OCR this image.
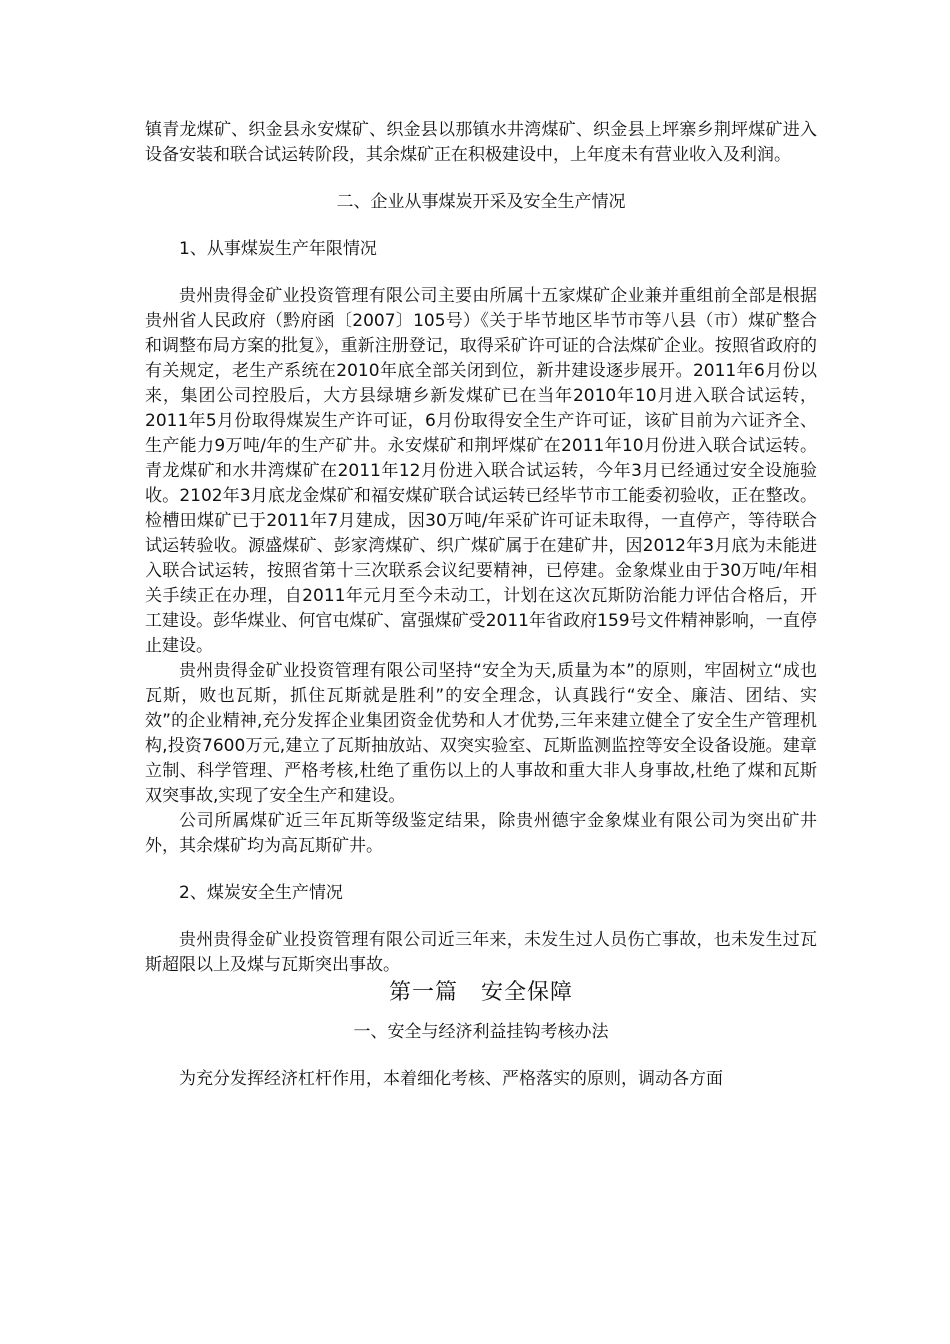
镇青龙煤矿、织金县永安煤矿、织金县以那镇水井湾煤矿、织金县上坪寨乡荆坪煤矿进入设备安装和联合试运转阶段，其余煤矿正在积极建设中，上年度未有营业收入及利润。

二、企业从事煤炭开采及安全生产情况

1、从事煤炭生产年限情况

贵州贵得金矿业投资管理有限公司主要由所属十五家煤矿企业兼并重组前全部是根据贵州省人民政府（黔府函〔2007〕105号）《关于毕节地区毕节市等八县（市）煤矿整合和调整布局方案的批复》，重新注册登记，取得采矿许可证的合法煤矿企业。按照省政府的有关规定，老生产系统在2010年底全部关闭到位，新井建设逐步展开。2011年6月份以来，集团公司控股后，大方县绿塘乡新发煤矿已在当年2010年10月进入联合试运转，2011年5月份取得煤炭生产许可证，6月份取得安全生产许可证，该矿目前为六证齐全、生产能力9万吨/年的生产矿井。永安煤矿和荆坪煤矿在2011年10月份进入联合试运转。青龙煤矿和水井湾煤矿在2011年12月份进入联合试运转，今年3月已经通过安全设施验收。2102年3月底龙金煤矿和福安煤矿联合试运转已经毕节市工能委初验收，正在整改。检槽田煤矿已于2011年7月建成，因30万吨/年采矿许可证未取得，一直停产，等待联合试运转验收。源盛煤矿、彭家湾煤矿、织广煤矿属于在建矿井，因2012年3月底为未能进入联合试运转，按照省第十三次联系会议纪要精神，已停建。金象煤业由于30万吨/年相关手续正在办理，自2011年元月至今未动工，计划在这次瓦斯防治能力评估合格后，开工建设。彭华煤业、何官屯煤矿、富强煤矿受2011年省政府159号文件精神影响，一直停止建设。

贵州贵得金矿业投资管理有限公司坚持“安全为天,质量为本”的原则，牢固树立“成也瓦斯，败也瓦斯，抓住瓦斯就是胜利”的安全理念，认真践行“安全、廉洁、团结、实效”的企业精神,充分发挥企业集团资金优势和人才优势,三年来建立健全了安全生产管理机构,投资7600万元,建立了瓦斯抽放站、双突实验室、瓦斯监测监控等安全设备设施。建章立制、科学管理、严格考核,杜绝了重伤以上的人事故和重大非人身事故,杜绝了煤和瓦斯双突事故,实现了安全生产和建设。

公司所属煤矿近三年瓦斯等级鉴定结果，除贵州德宇金象煤业有限公司为突出矿井外，其余煤矿均为高瓦斯矿井。

2、煤炭安全生产情况

贵州贵得金矿业投资管理有限公司近三年来，未发生过人员伤亡事故，也未发生过瓦斯超限以上及煤与瓦斯突出事故。

第一篇　安全保障

一、安全与经济利益挂钩考核办法

为充分发挥经济杠杆作用，本着细化考核、严格落实的原则，调动各方面
